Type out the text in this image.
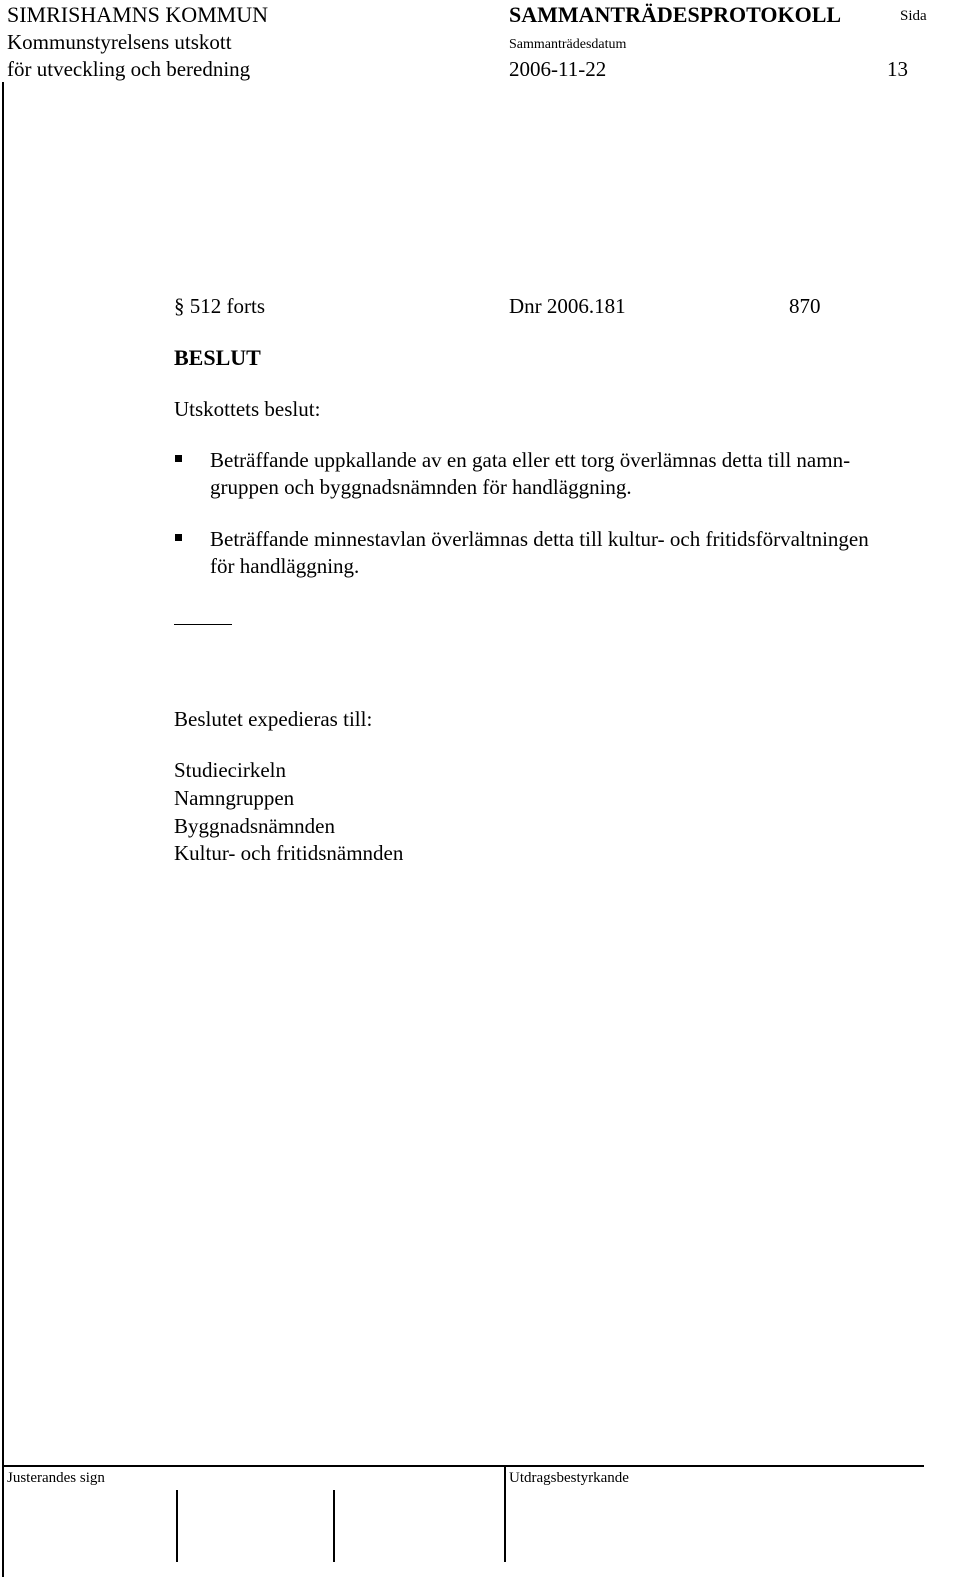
SIMRISHAMNS KOMMUN	SAMMANTRÄDESPROTOKOLL	Sida
Kommunstyrelsens utskott	Sammanträdesdatum
för utveckling och beredning	2006-11-22	13
§ 512 forts	Dnr 2006.181	870
BESLUT
Utskottets beslut:
Beträffande uppkallande av en gata eller ett torg överlämnas detta till namn-
gruppen och byggnadsnämnden för handläggning.
Beträffande minnestavlan överlämnas detta till kultur- och fritidsförvaltningen
för handläggning.
Beslutet expedieras till:
Studiecirkeln
Namngruppen
Byggnadsnämnden
Kultur- och fritidsnämnden
Justerandes sign	Utdragsbestyrkande
